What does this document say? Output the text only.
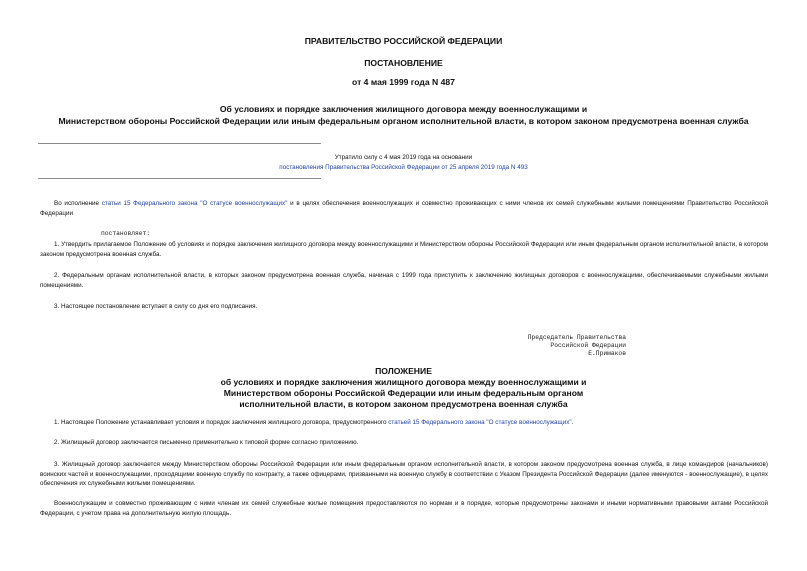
ПРАВИТЕЛЬСТВО РОССИЙСКОЙ ФЕДЕРАЦИИ
ПОСТАНОВЛЕНИЕ
от 4 мая 1999 года N 487
Об условиях и порядке заключения жилищного договора между военнослужащими и
Министерством обороны Российской Федерации или иным федеральным органом исполнительной власти, в котором законом предусмотрена военная служба
Утратило силу с 4 мая 2019 года на основании
постановления Правительства Российской Федерации от 25 апреля 2019 года N 493
Во исполнение статьи 15 Федерального закона "О статусе военнослужащих" и в целях обеспечения военнослужащих и совместно проживающих с ними членов их семей служебными жилыми помещениями Правительство Российской Федерации
постановляет:
1. Утвердить прилагаемое Положение об условиях и порядке заключения жилищного договора между военнослужащими и Министерством обороны Российской Федерации или иным федеральным органом исполнительной власти, в котором законом предусмотрена военная служба.
2. Федеральным органам исполнительной власти, в которых законом предусмотрена военная служба, начиная с 1999 года приступить к заключению жилищных договоров с военнослужащими, обеспечиваемыми служебными жилыми помещениями.
3. Настоящее постановление вступает в силу со дня его подписания.
Председатель Правительства
Российской Федерации
Е.Примаков
ПОЛОЖЕНИЕ
об условиях и порядке заключения жилищного договора между военнослужащими и
Министерством обороны Российской Федерации или иным федеральным органом
исполнительной власти, в котором законом предусмотрена военная служба
1. Настоящее Положение устанавливает условия и порядок заключения жилищного договора, предусмотренного статьей 15 Федерального закона "О статусе военнослужащих".
2. Жилищный договор заключается письменно применительно к типовой форме согласно приложению.
3. Жилищный договор заключается между Министерством обороны Российской Федерации или иным федеральным органом исполнительной власти, в котором законом предусмотрена военная служба, в лице командиров (начальников) воинских частей и военнослужащими, проходящими военную службу по контракту, а также офицерами, призванными на военную службу в соответствии с Указом Президента Российской Федерации (далее именуются - военнослужащие), в целях обеспечения их служебными жилыми помещениями.
Военнослужащим и совместно проживающим с ними членам их семей служебные жилые помещения предоставляются по нормам и в порядке, которые предусмотрены законами и иными нормативными правовыми актами Российской Федерации, с учетом права на дополнительную жилую площадь.
